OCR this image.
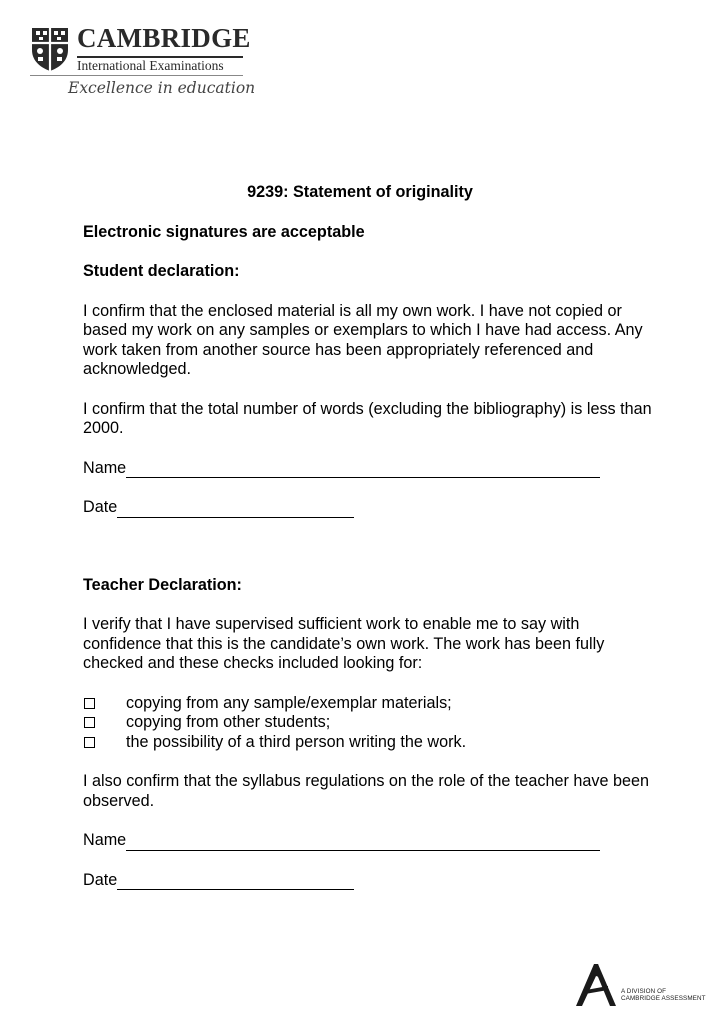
CAMBRIDGE
International Examinations
Excellence in education
9239: Statement of originality
Electronic signatures are acceptable
Student declaration:
I confirm that the enclosed material is all my own work. I have not copied or based my work on any samples or exemplars to which I have had access. Any work taken from another source has been appropriately referenced and acknowledged.
I confirm that the total number of words (excluding the bibliography) is less than 2000.
Name
Date
Teacher Declaration:
I verify that I have supervised sufficient work to enable me to say with confidence that this is the candidate’s own work. The work has been fully checked and these checks included looking for:
copying from any sample/exemplar materials;
copying from other students;
the possibility of a third person writing the work.
I also confirm that the syllabus regulations on the role of the teacher have been observed.
Name
Date
A DIVISION OF
CAMBRIDGE ASSESSMENT
